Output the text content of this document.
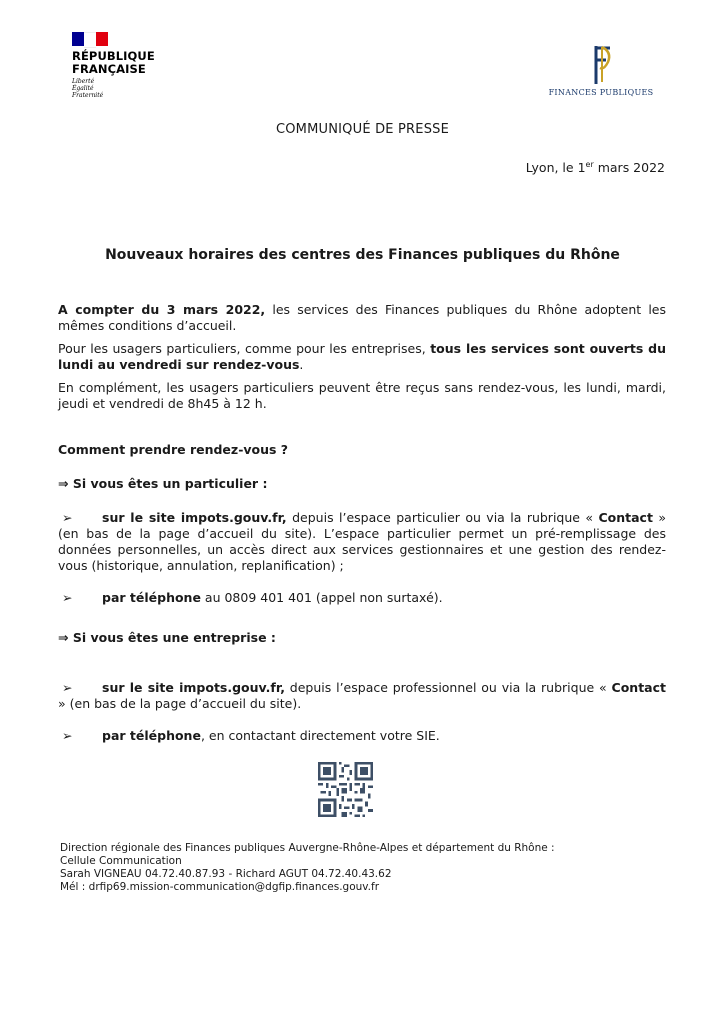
RÉPUBLIQUE
FRANÇAISE
Liberté
Égalité
Fraternité	FINANCES PUBLIQUES
COMMUNIQUÉ DE PRESSE
Lyon, le 1er mars 2022
Nouveaux horaires des centres des Finances publiques du Rhône

A compter du 3 mars 2022, les services des Finances publiques du Rhône adoptent les mêmes conditions d’accueil.

Pour les usagers particuliers, comme pour les entreprises, tous les services sont ouverts du lundi au vendredi sur rendez-vous.

En complément, les usagers particuliers peuvent être reçus sans rendez-vous, les lundi, mardi, jeudi et vendredi de 8h45 à 12 h.

Comment prendre rendez-vous ?
⇒ Si vous êtes un particulier :

➢ sur le site impots.gouv.fr, depuis l’espace particulier ou via la rubrique « Contact » (en bas de la page d’accueil du site). L’espace particulier permet un pré-remplissage des données personnelles, un accès direct aux services gestionnaires et une gestion des rendez-vous (historique, annulation, replanification) ;

➢ par téléphone au 0809 401 401 (appel non surtaxé).

⇒ Si vous êtes une entreprise :

➢ sur le site impots.gouv.fr, depuis l’espace professionnel ou via la rubrique « Contact » (en bas de la page d’accueil du site).

➢ par téléphone, en contactant directement votre SIE.

Direction régionale des Finances publiques Auvergne-Rhône-Alpes et département du Rhône :
Cellule Communication
Sarah VIGNEAU 04.72.40.87.93 - Richard AGUT 04.72.40.43.62
Mél : drfip69.mission-communication@dgfip.finances.gouv.fr
